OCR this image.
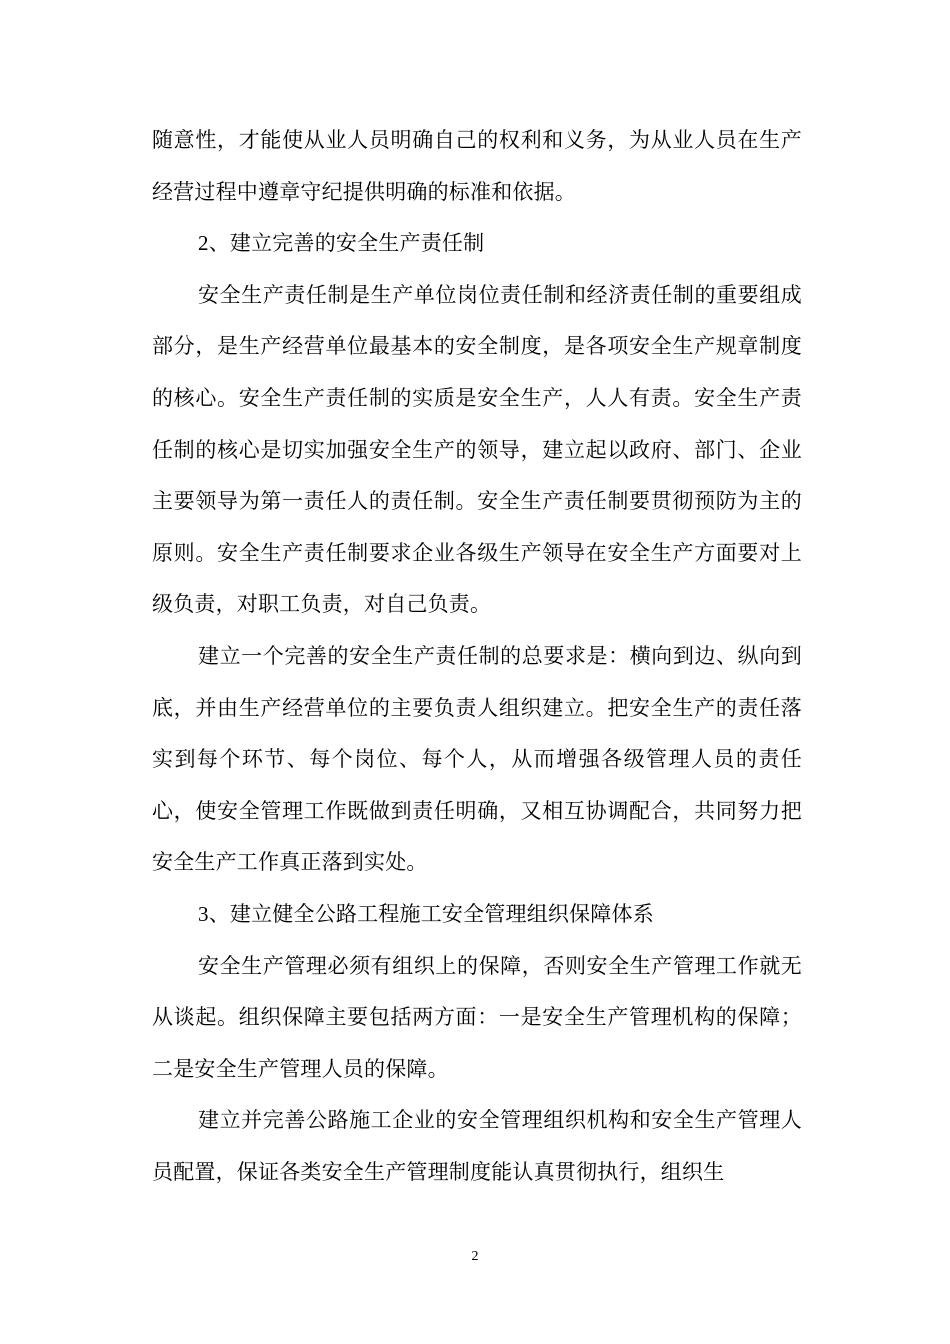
随意性，才能使从业人员明确自己的权利和义务，为从业人员在生产经营过程中遵章守纪提供明确的标准和依据。

2、建立完善的安全生产责任制

安全生产责任制是生产单位岗位责任制和经济责任制的重要组成部分，是生产经营单位最基本的安全制度，是各项安全生产规章制度的核心。安全生产责任制的实质是安全生产，人人有责。安全生产责任制的核心是切实加强安全生产的领导，建立起以政府、部门、企业主要领导为第一责任人的责任制。安全生产责任制要贯彻预防为主的原则。安全生产责任制要求企业各级生产领导在安全生产方面要对上级负责，对职工负责，对自己负责。

建立一个完善的安全生产责任制的总要求是：横向到边、纵向到底，并由生产经营单位的主要负责人组织建立。把安全生产的责任落实到每个环节、每个岗位、每个人，从而增强各级管理人员的责任心，使安全管理工作既做到责任明确，又相互协调配合，共同努力把安全生产工作真正落到实处。

3、建立健全公路工程施工安全管理组织保障体系

安全生产管理必须有组织上的保障，否则安全生产管理工作就无从谈起。组织保障主要包括两方面：一是安全生产管理机构的保障；二是安全生产管理人员的保障。

建立并完善公路施工企业的安全管理组织机构和安全生产管理人员配置，保证各类安全生产管理制度能认真贯彻执行，组织生

2
